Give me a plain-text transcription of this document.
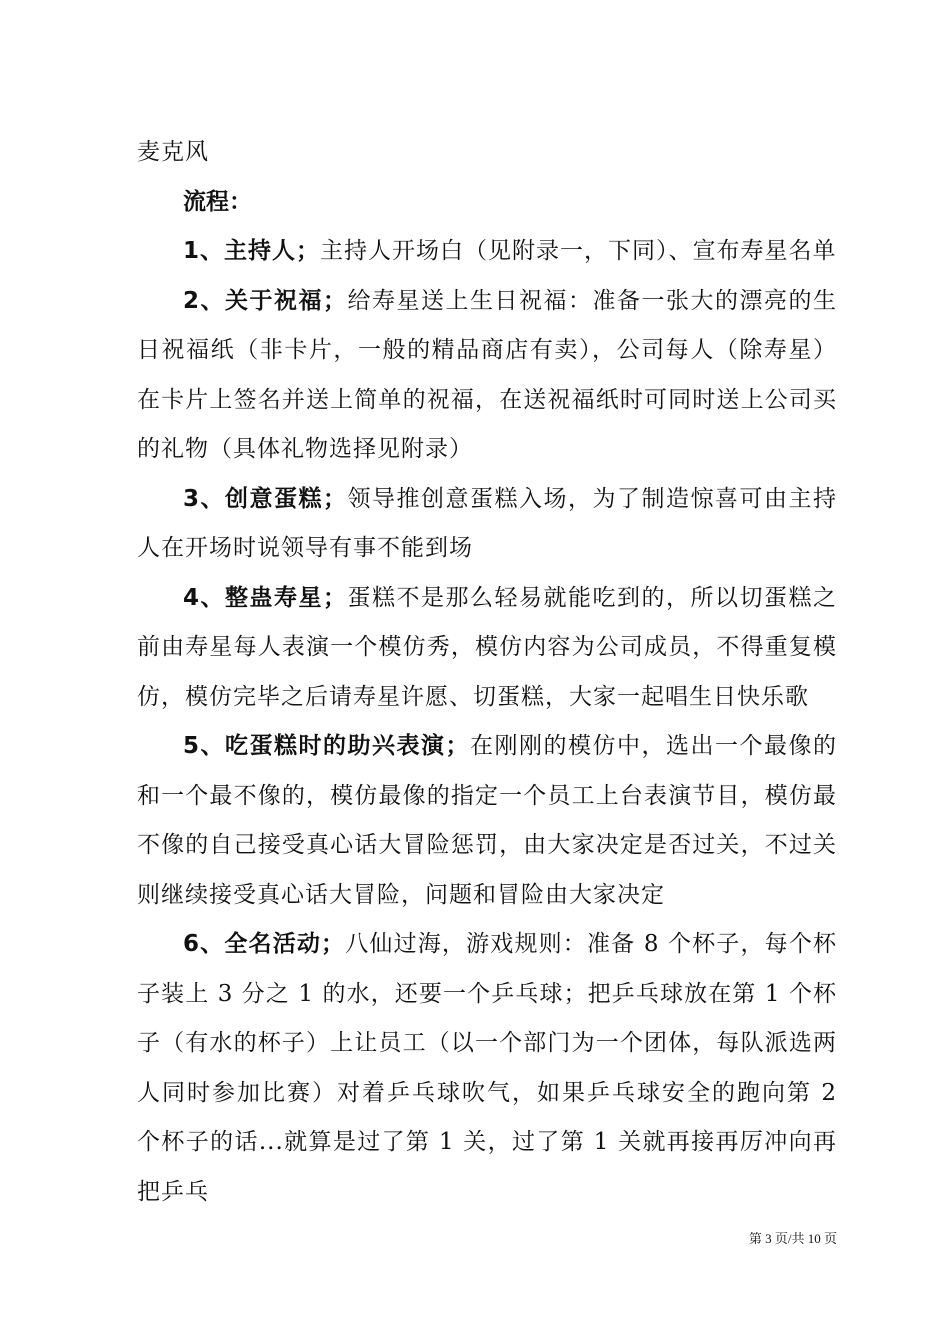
麦克风

流程：

1、主持人；主持人开场白（见附录一，下同）、宣布寿星名单

2、关于祝福；给寿星送上生日祝福：准备一张大的漂亮的生日祝福纸（非卡片，一般的精品商店有卖），公司每人（除寿星）在卡片上签名并送上简单的祝福，在送祝福纸时可同时送上公司买的礼物（具体礼物选择见附录）

3、创意蛋糕；领导推创意蛋糕入场，为了制造惊喜可由主持人在开场时说领导有事不能到场

4、整蛊寿星；蛋糕不是那么轻易就能吃到的，所以切蛋糕之前由寿星每人表演一个模仿秀，模仿内容为公司成员，不得重复模仿，模仿完毕之后请寿星许愿、切蛋糕，大家一起唱生日快乐歌

5、吃蛋糕时的助兴表演；在刚刚的模仿中，选出一个最像的和一个最不像的，模仿最像的指定一个员工上台表演节目，模仿最不像的自己接受真心话大冒险惩罚，由大家决定是否过关，不过关则继续接受真心话大冒险，问题和冒险由大家决定

6、全名活动；八仙过海，游戏规则：准备 8 个杯子，每个杯子装上 3 分之 1 的水，还要一个乒乓球；把乒乓球放在第 1 个杯子（有水的杯子）上让员工（以一个部门为一个团体，每队派选两人同时参加比赛）对着乒乓球吹气，如果乒乓球安全的跑向第 2 个杯子的话...就算是过了第 1 关，过了第 1 关就再接再厉冲向再把乒乓

第 3 页/共 10 页
